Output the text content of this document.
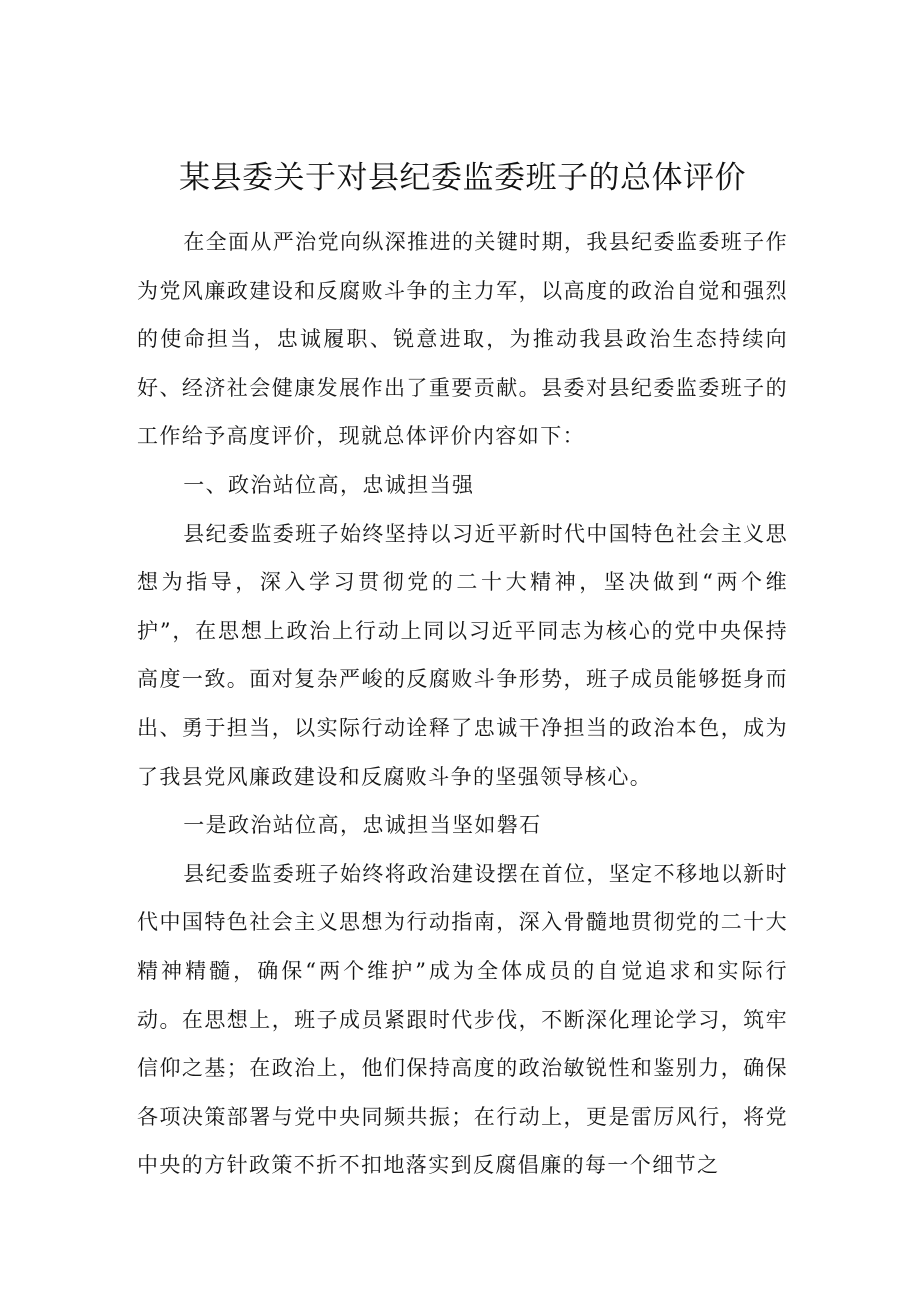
某县委关于对县纪委监委班子的总体评价

在全面从严治党向纵深推进的关键时期，我县纪委监委班子作为党风廉政建设和反腐败斗争的主力军，以高度的政治自觉和强烈的使命担当，忠诚履职、锐意进取，为推动我县政治生态持续向好、经济社会健康发展作出了重要贡献。县委对县纪委监委班子的工作给予高度评价，现就总体评价内容如下：

一、政治站位高，忠诚担当强

县纪委监委班子始终坚持以习近平新时代中国特色社会主义思想为指导，深入学习贯彻党的二十大精神，坚决做到“两个维护”，在思想上政治上行动上同以习近平同志为核心的党中央保持高度一致。面对复杂严峻的反腐败斗争形势，班子成员能够挺身而出、勇于担当，以实际行动诠释了忠诚干净担当的政治本色，成为了我县党风廉政建设和反腐败斗争的坚强领导核心。

一是政治站位高，忠诚担当坚如磐石

县纪委监委班子始终将政治建设摆在首位，坚定不移地以新时代中国特色社会主义思想为行动指南，深入骨髓地贯彻党的二十大精神精髓，确保“两个维护”成为全体成员的自觉追求和实际行动。在思想上，班子成员紧跟时代步伐，不断深化理论学习，筑牢信仰之基；在政治上，他们保持高度的政治敏锐性和鉴别力，确保各项决策部署与党中央同频共振；在行动上，更是雷厉风行，将党中央的方针政策不折不扣地落实到反腐倡廉的每一个细节之
